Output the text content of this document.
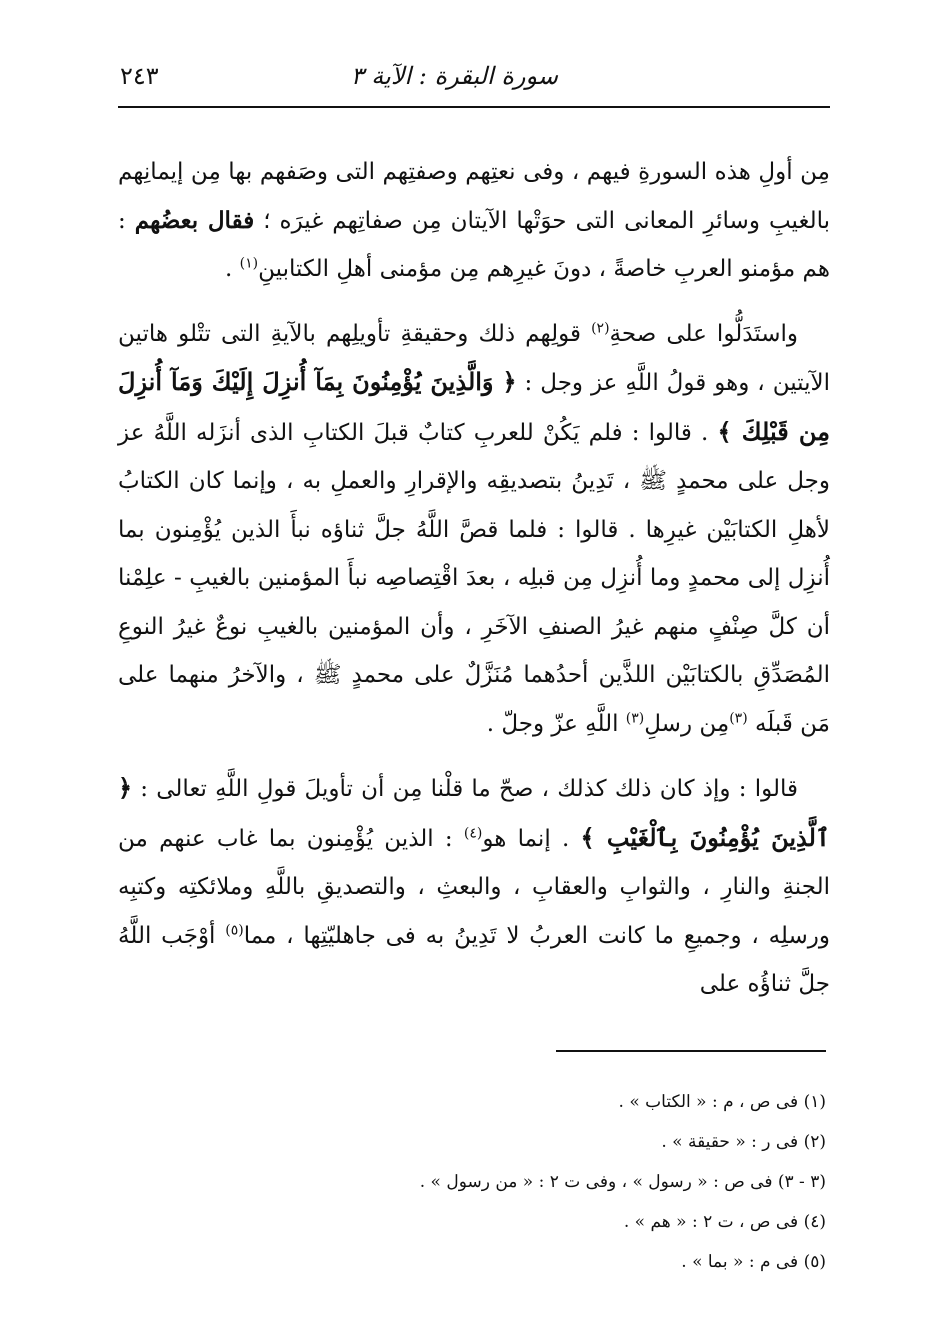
سورة البقرة : الآية ٣
٢٤٣

مِن أولِ هذه السورةِ فيهم ، وفى نعتِهم وصفتِهم التى وصَفهم بها مِن إيمانِهم بالغيبِ وسائرِ المعانى التى حوَتْها الآيتان مِن صفاتِهم غيرَه ؛ فقال بعضُهم : هم مؤمنو العربِ خاصةً ، دونَ غيرِهم مِن مؤمنى أهلِ الكتابينِ$^{(١)}$ .

واستَدَلُّوا على صحةِ$^{(٢)}$ قولِهم ذلك وحقيقةِ تأويلِهم بالآيةِ التى تتْلو هاتين الآيتين ، وهو قولُ اللَّهِ عز وجل : ﴿ وَالَّذِينَ يُؤْمِنُونَ بِمَآ أُنزِلَ إِلَيْكَ وَمَآ أُنزِلَ مِن قَبْلِكَ ﴾ . قالوا : فلم يَكُنْ للعربِ كتابٌ قبلَ الكتابِ الذى أنزَله اللَّهُ عز وجل على محمدٍ ﷺ ، تَدِينُ بتصديقِه والإقرارِ والعملِ به ، وإنما كان الكتابُ لأهلِ الكتابَيْن غيرِها . قالوا : فلما قصَّ اللَّهُ جلَّ ثناؤه نبأَ الذين يُؤْمِنون بما أُنزِل إلى محمدٍ وما أُنزِل مِن قبلِه ، بعدَ اقْتِصاصِه نبأَ المؤمنين بالغيبِ - علِمْنا أن كلَّ صِنْفٍ منهم غيرُ الصنفِ الآخَرِ ، وأن المؤمنين بالغيبِ نوعٌ غيرُ النوعِ المُصَدِّقِ بالكتابَيْن اللذَّين أحدُهما مُنَزَّلٌ على محمدٍ ﷺ ، والآخرُ منهما على مَن قَبلَه $^{(٣)}$مِن رسلِ$^{(٣)}$ اللَّهِ عزّ وجلّ .

قالوا : وإذ كان ذلك كذلك ، صحّ ما قلْنا مِن أن تأويلَ قولِ اللَّهِ تعالى : ﴿ ٱلَّذِينَ يُؤْمِنُونَ بِٱلْغَيْبِ ﴾ . إنما هو$^{(٤)}$ : الذين يُؤْمِنون بما غاب عنهم من الجنةِ والنارِ ، والثوابِ والعقابِ ، والبعثِ ، والتصديقِ باللَّهِ وملائكتِه وكتبِه ورسلِه ، وجميعِ ما كانت العربُ لا تَدِينُ به فى جاهليّتِها ، مما$^{(٥)}$ أوْجَب اللَّهُ جلَّ ثناؤُه على

(١) فى ص ، م : « الكتاب » .
(٢) فى ر : « حقيقة » .
(٣ - ٣) فى ص : « رسول » ، وفى ت ٢ : « من رسول » .
(٤) فى ص ، ت ٢ : « هم » .
(٥) فى م : « بما » .
